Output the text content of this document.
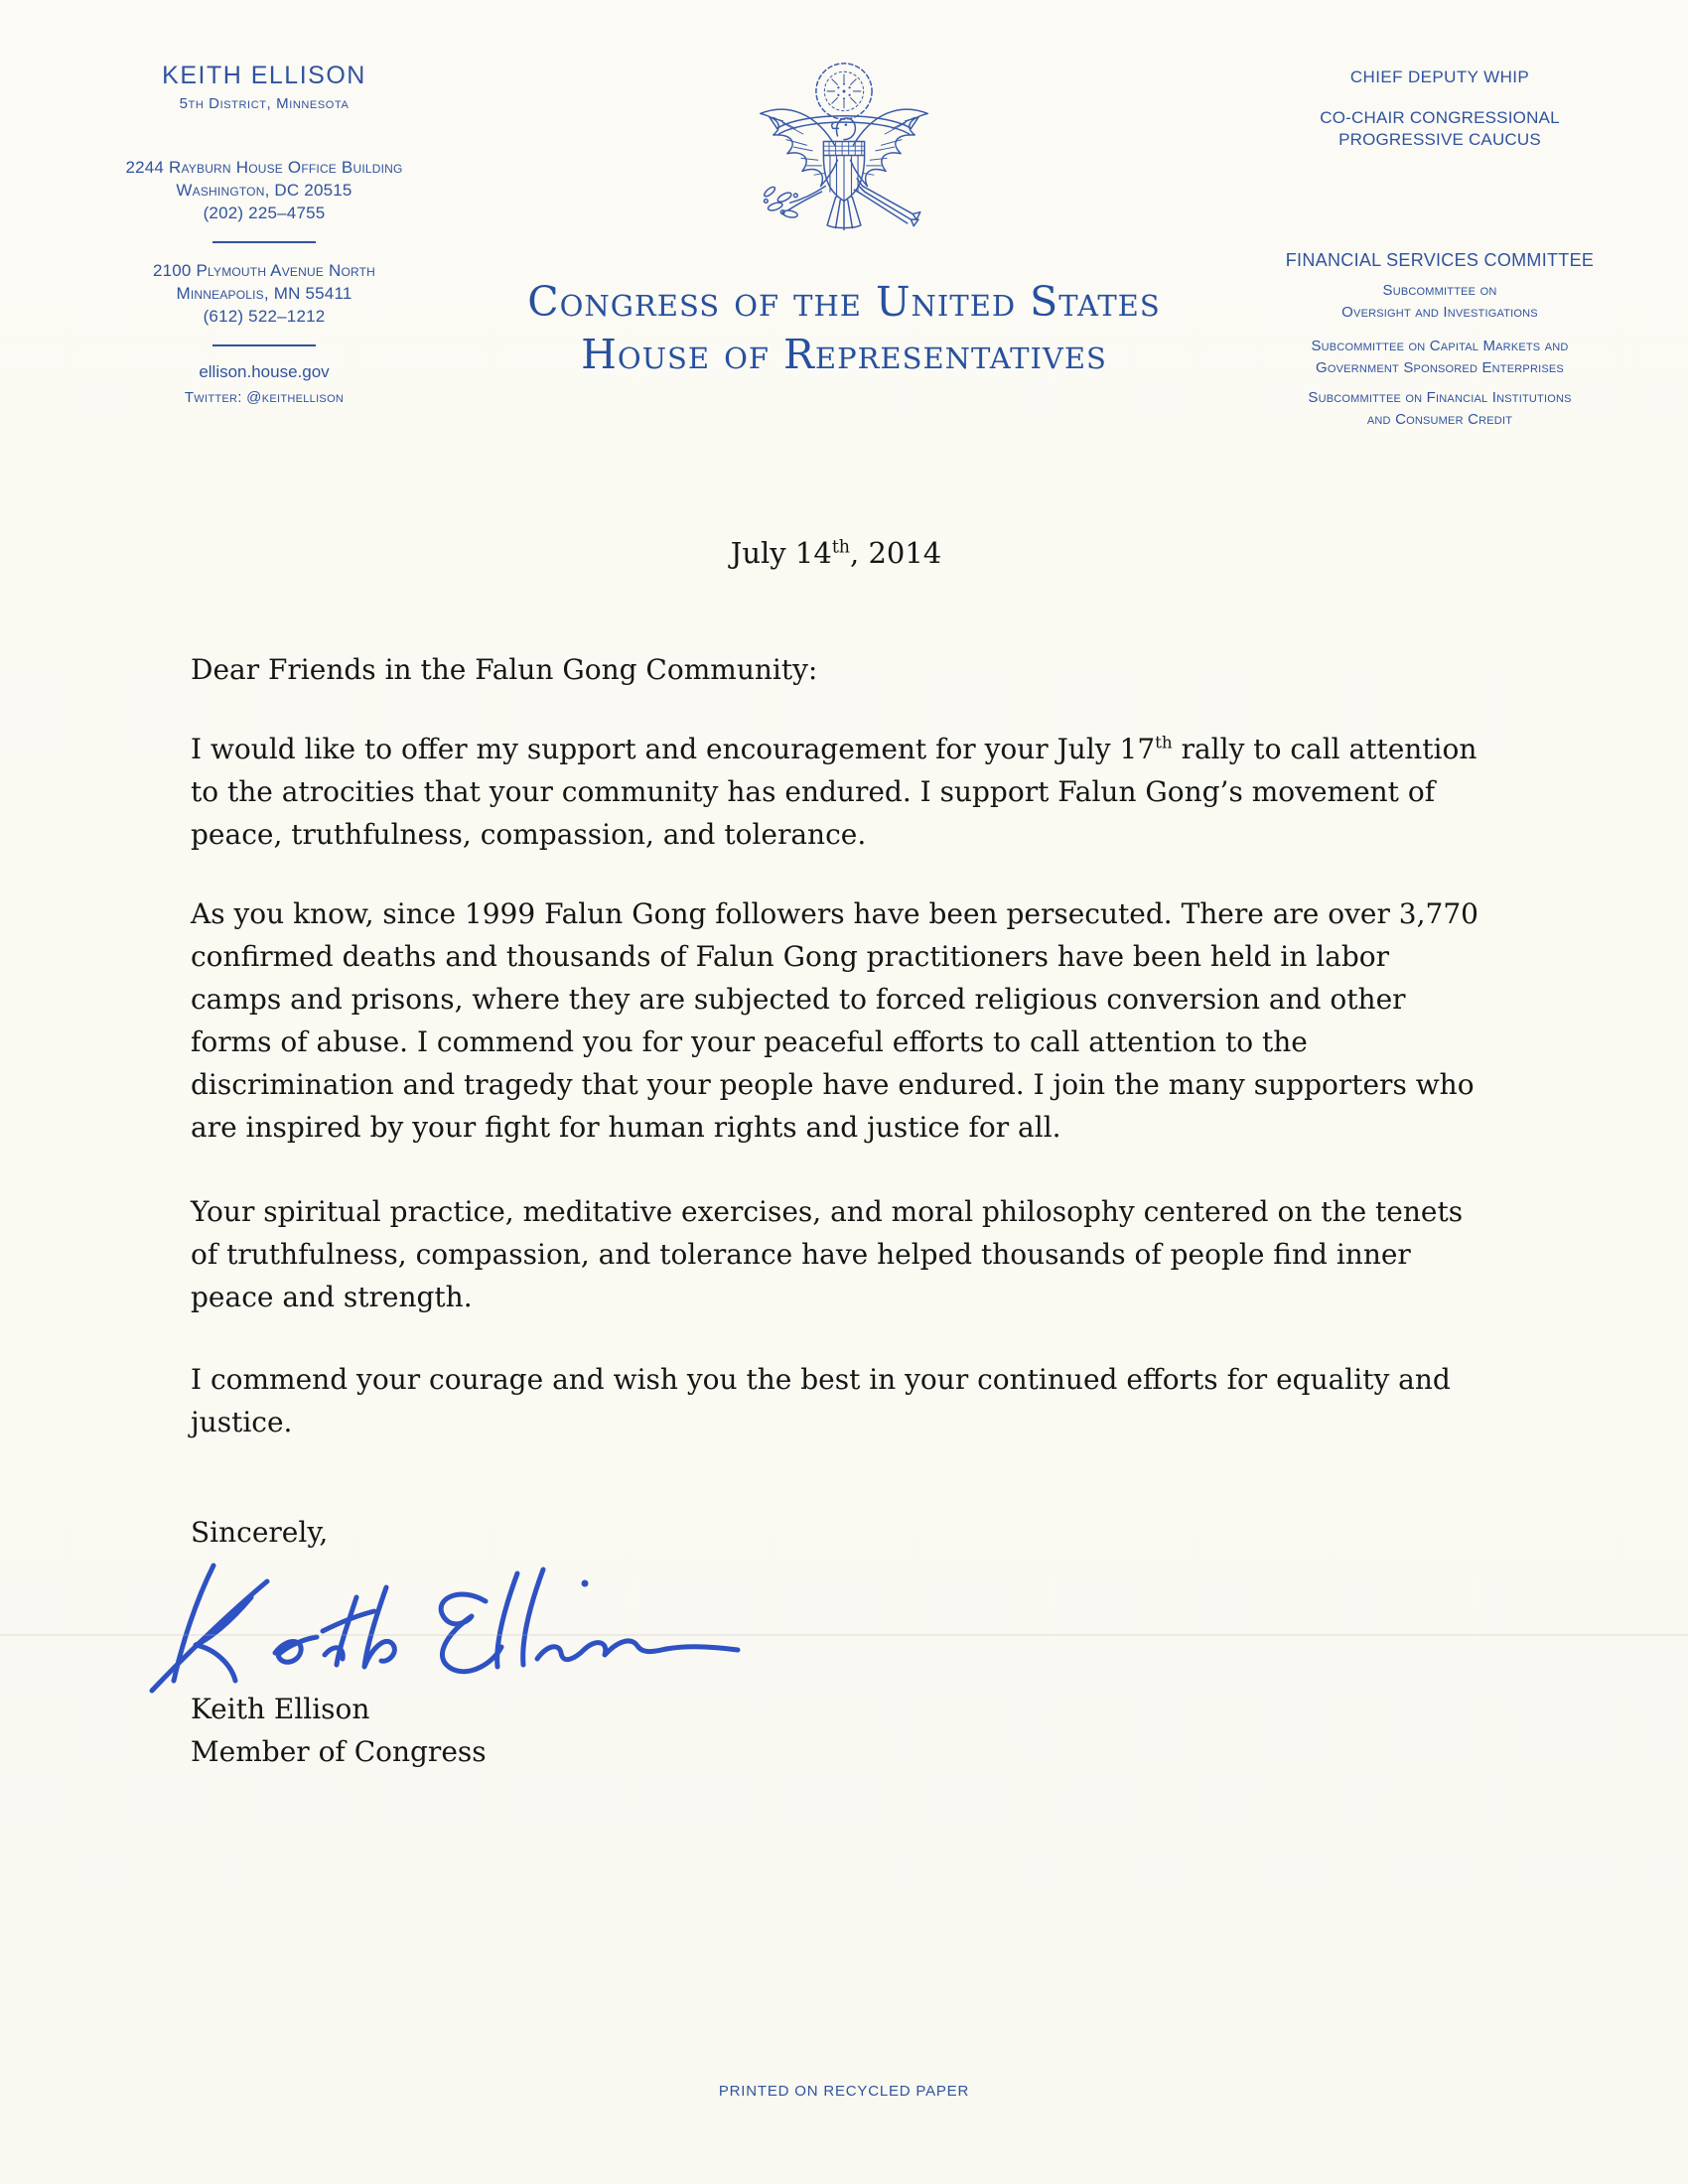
KEITH ELLISON
5th District, Minnesota
2244 Rayburn House Office Building
Washington, DC 20515
(202) 225–4755
2100 Plymouth Avenue North
Minneapolis, MN 55411
(612) 522–1212
ellison.house.gov
Twitter: @keithellison
Congress of the United States
House of Representatives
CHIEF DEPUTY WHIP
CO-CHAIR CONGRESSIONAL
PROGRESSIVE CAUCUS
FINANCIAL SERVICES COMMITTEE
Subcommittee on
Oversight and Investigations
Subcommittee on Capital Markets and
Government Sponsored Enterprises
Subcommittee on Financial Institutions
and Consumer Credit
July 14th, 2014
Dear Friends in the Falun Gong Community:

I would like to offer my support and encouragement for your July 17th rally to call attention to the atrocities that your community has endured. I support Falun Gong’s movement of peace, truthfulness, compassion, and tolerance.

As you know, since 1999 Falun Gong followers have been persecuted. There are over 3,770 confirmed deaths and thousands of Falun Gong practitioners have been held in labor camps and prisons, where they are subjected to forced religious conversion and other forms of abuse. I commend you for your peaceful efforts to call attention to the discrimination and tragedy that your people have endured. I join the many supporters who are inspired by your fight for human rights and justice for all.

Your spiritual practice, meditative exercises, and moral philosophy centered on the tenets of truthfulness, compassion, and tolerance have helped thousands of people find inner peace and strength.

I commend your courage and wish you the best in your continued efforts for equality and justice.

Sincerely,
Keith Ellison
Member of Congress
PRINTED ON RECYCLED PAPER
